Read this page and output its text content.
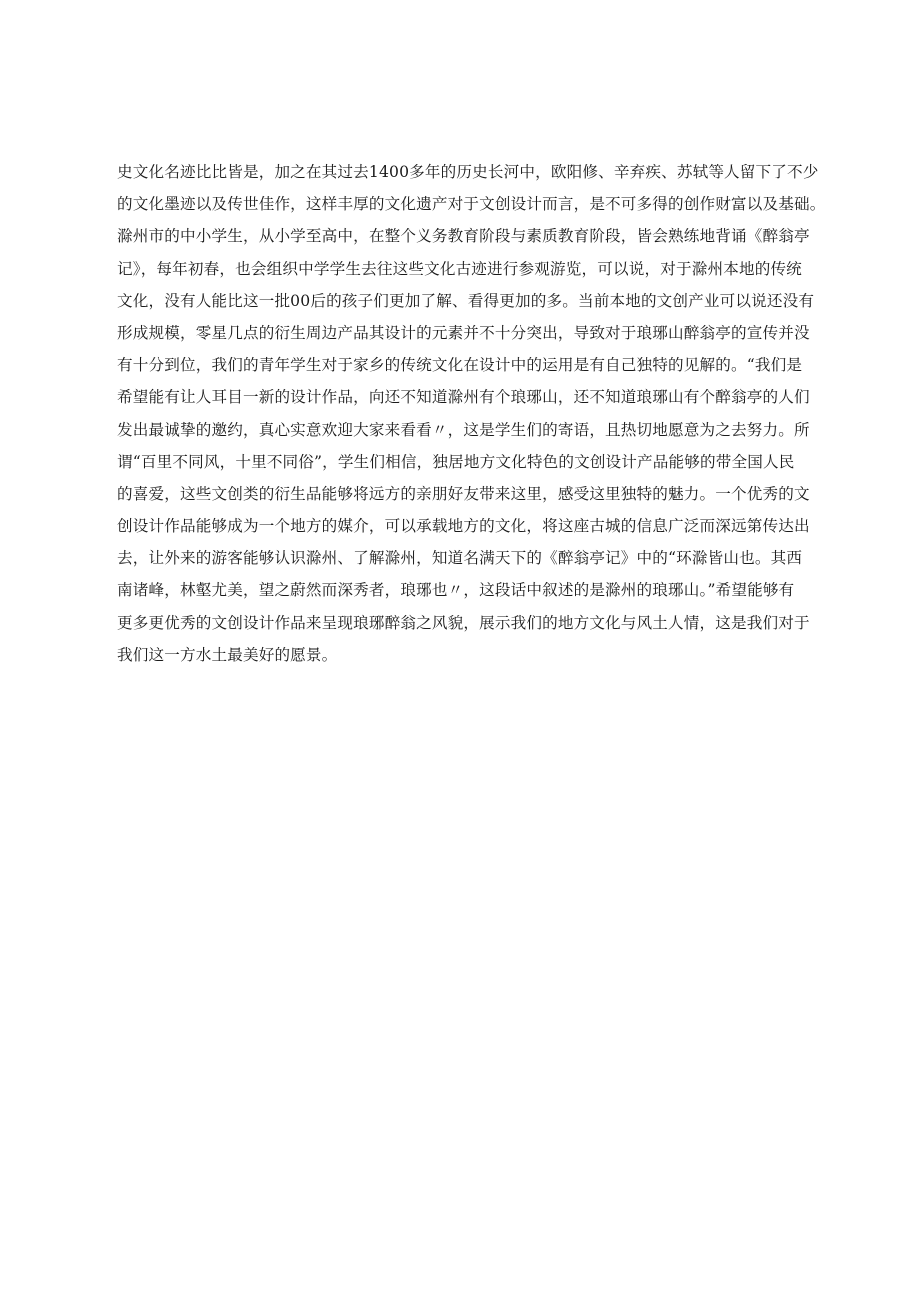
史文化名迹比比皆是，加之在其过去1400多年的历史长河中，欧阳修、辛弃疾、苏轼等人留下了不少
的文化墨迹以及传世佳作，这样丰厚的文化遗产对于文创设计而言，是不可多得的创作财富以及基础。
滁州市的中小学生，从小学至高中，在整个义务教育阶段与素质教育阶段，皆会熟练地背诵《醉翁亭
记》，每年初春，也会组织中学学生去往这些文化古迹进行参观游览，可以说，对于滁州本地的传统
文化，没有人能比这一批00后的孩子们更加了解、看得更加的多。当前本地的文创产业可以说还没有
形成规模，零星几点的衍生周边产品其设计的元素并不十分突出，导致对于琅琊山醉翁亭的宣传并没
有十分到位，我们的青年学生对于家乡的传统文化在设计中的运用是有自己独特的见解的。“我们是
希望能有让人耳目一新的设计作品，向还不知道滁州有个琅琊山，还不知道琅琊山有个醉翁亭的人们
发出最诚挚的邀约，真心实意欢迎大家来看看〃，这是学生们的寄语，且热切地愿意为之去努力。所
谓“百里不同风，十里不同俗”，学生们相信，独居地方文化特色的文创设计产品能够的带全国人民
的喜爱，这些文创类的衍生品能够将远方的亲朋好友带来这里，感受这里独特的魅力。一个优秀的文
创设计作品能够成为一个地方的媒介，可以承载地方的文化，将这座古城的信息广泛而深远第传达出
去，让外来的游客能够认识滁州、了解滁州，知道名满天下的《醉翁亭记》中的“环滁皆山也。其西
南诸峰，林壑尤美，望之蔚然而深秀者，琅琊也〃，这段话中叙述的是滁州的琅琊山。”希望能够有
更多更优秀的文创设计作品来呈现琅琊醉翁之风貌，展示我们的地方文化与风土人情，这是我们对于
我们这一方水土最美好的愿景。
